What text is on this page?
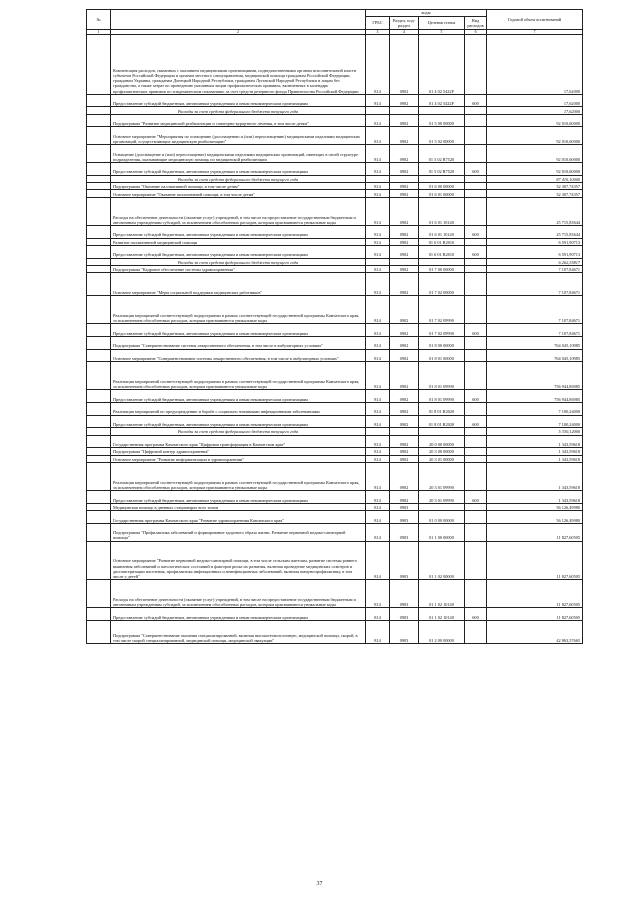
№		коды				Годовой объем ассигнований
		ГРБС	Раздел, под-раздел	Целевая статья	Вид расходов	
1	2	3	4	5	6	7
	Компенсация расходов, связанных с оказанием медицинскими организациями, подведомственными органам исполнительной власти субъектов Российской Федерации и органам местного самоуправления, медицинской помощи гражданам Российской Федерации, гражданам Украины, гражданам Донецкой Народной Республики, гражданам Луганской Народной Республики и лицам без гражданства, а также затрат по проведению указанным лицам профилактических прививок, включенных в календарь профилактических прививок по эпидемическим показаниям, за счет средств резервного фонда Правительства Российской Федерации	814	0902	01 4 02 5422F		17,62000
	Предоставление субсидий бюджетным, автономным учреждениям и иным некоммерческим организациям	814	0902	01 4 02 5422F	600	17,62000
	Расходы за счет средств федерального бюджета текущего года					17,62000
	Подпрограмма "Развитие медицинской реабилитации и санаторно-курортного лечения, в том числе детям"	814	0902	01 5 00 00000		92 010,60000
	Основное мероприятие "Мероприятия по оснащению (дооснащению и (или) переоснащению) медицинскими изделиями медицинских организаций, осуществляющих медицинскую реабилитацию"	814	0902	01 5 02 00000		92 010,60000
	Оснащение (дооснащение и (или) переоснащение) медицинскими изделиями медицинских организаций, имеющих в своей структуре подразделения, оказывающие медицинскую помощь по медицинской реабилитации	814	0902	01 5 02 R7520		92 010,60000
	Предоставление субсидий бюджетным, автономным учреждениям и иным некоммерческим организациям	814	0902	01 5 02 R7520	600	92 010,60000
	Расходы за счет средств федерального бюджета текущего года					87 410,10000
	Подпрограмма "Оказание паллиативной помощи, в том числе детям"	814	0902	01 6 00 00000		32 307,74357
	Основное мероприятие "Оказание паллиативной помощи, в том числе детям"	814	0902	01 6 01 00000		32 307,74357
	Расходы на обеспечение деятельности (оказание услуг) учреждений, в том числе на предоставление государственным бюджетным и автономным учреждениям субсидий, за исключением обособленных расходов, которым присваиваются уникальные коды	814	0902	01 6 01 10140		25 715,83644
	Предоставление субсидий бюджетным, автономным учреждениям и иным некоммерческим организациям	814	0902	01 6 01 10140	600	25 715,83644
	Развитие паллиативной медицинской помощи	814	0902	01 6 01 R2010		6 591,90713
	Предоставление субсидий бюджетным, автономным учреждениям и иным некоммерческим организациям	814	0902	01 6 01 R2010	600	6 591,90713
	Расходы за счет средств федерального бюджета текущего года					6 262,35817
	Подпрограмма "Кадровое обеспечение системы здравоохранения"	814	0902	01 7 00 00000		7 107,84671
	Основное мероприятие "Меры социальной поддержки медицинских работников"	814	0902	01 7 02 00000		7 107,84671
	Реализация мероприятий соответствующей подпрограммы в рамках соответствующей государственной программы Камчатского края, за исключением обособленных расходов, которым присваиваются уникальные коды	814	0902	01 7 02 09990		7 107,84671
	Предоставление субсидий бюджетным, автономным учреждениям и иным некоммерческим организациям	814	0902	01 7 02 09990	600	7 107,84671
	Подпрограмма "Совершенствование системы лекарственного обеспечения, в том числе в амбулаторных условиях"	814	0902	01 8 00 00000		764 045,10985
	Основное мероприятие "Совершенствование системы лекарственного обеспечения, в том числе в амбулаторных условиях"	814	0902	01 8 01 00000		764 045,10985
	Реализация мероприятий соответствующей подпрограммы в рамках соответствующей государственной программы Камчатского края, за исключением обособленных расходов, которым присваиваются уникальные коды	814	0902	01 8 01 09990		756 944,86985
	Предоставление субсидий бюджетным, автономным учреждениям и иным некоммерческим организациям	814	0902	01 8 01 09990	600	756 944,86985
	Реализация мероприятий по предупреждению и борьбе с социально значимыми инфекционными заболеваниями	814	0902	01 8 01 R2020		7 100,24000
	Предоставление субсидий бюджетным, автономным учреждениям и иным некоммерческим организациям	814	0902	01 8 01 R2020	600	7 100,24000
	Расходы за счет средств федерального бюджета текущего года					5 330,12000
	Государственная программа Камчатского края "Цифровая трансформация в Камчатском крае"	814	0902	20 0 00 00000		1 343,59618
	Подпрограмма "Цифровой контур здравоохранения"	814	0902	20 3 00 00000		1 343,59618
	Основное мероприятие "Развитие информатизации в здравоохранении"	814	0902	20 3 01 00000		1 343,59618
	Реализация мероприятий соответствующей подпрограммы в рамках соответствующей государственной программы Камчатского края, за исключением обособленных расходов, которым присваиваются уникальные коды	814	0902	20 3 01 09990		1 343,59618
	Предоставление субсидий бюджетным, автономным учреждениям и иным некоммерческим организациям	814	0902	20 3 01 09990	600	1 343,59618
	Медицинская помощь в дневных стационарах всех типов	814	0903			56 126,49980
	Государственная программа Камчатского края "Развитие здравоохранения Камчатского края"	814	0903	01 0 00 00000		56 126,49980
	Подпрограмма "Профилактика заболеваний и формирование здорового образа жизни. Развитие первичной медико-санитарной помощи"	814	0903	01 1 00 00000		11 827,60505
	Основное мероприятие "Развитие первичной медико-санитарной помощи, в том числе сельским жителям, развитие системы раннего выявления заболеваний и патологических состояний и факторов риска их развития, включая проведение медицинских осмотров и диспансеризации населения, профилактика инфекционных и неинфекционных заболеваний, включая иммунопрофилактику, в том числе у детей"	814	0903	01 1 02 00000		11 827,60505
	Расходы на обеспечение деятельности (оказание услуг) учреждений, в том числе на предоставление государственным бюджетным и автономным учреждениям субсидий, за исключением обособленных расходов, которым присваиваются уникальные коды	814	0903	01 1 02 10140		11 827,60505
	Предоставление субсидий бюджетным, автономным учреждениям и иным некоммерческим организациям	814	0903	01 1 02 10140	600	11 827,60505
	Подпрограмма "Совершенствование оказания специализированной, включая высокотехнологичную, медицинской помощи, скорой, в том числе скорой специализированной, медицинской помощи, медицинской эвакуации"	814	0903	01 2 00 00000		42 863,57665
37
